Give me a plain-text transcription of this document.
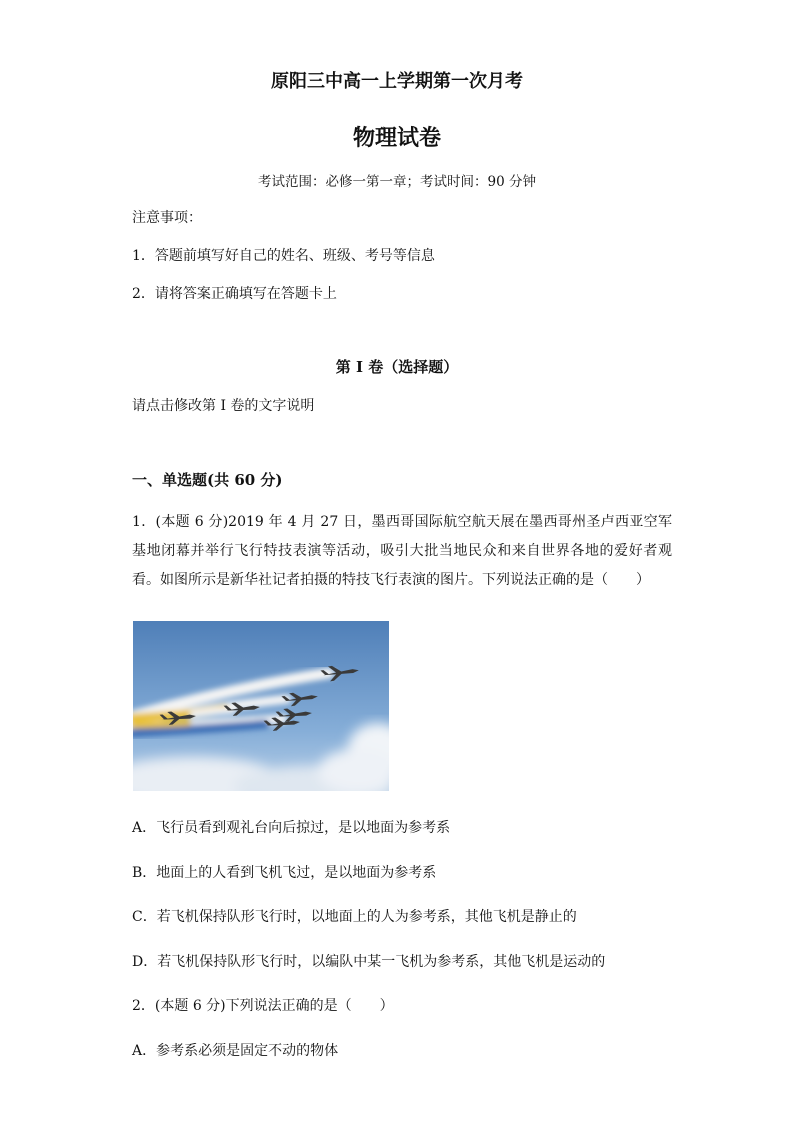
原阳三中高一上学期第一次月考
物理试卷
考试范围：必修一第一章；考试时间：90 分钟
注意事项：
1．答题前填写好自己的姓名、班级、考号等信息
2．请将答案正确填写在答题卡上
第 I 卷（选择题）
请点击修改第 I 卷的文字说明
一、单选题(共 60 分)
1．(本题 6 分)2019 年 4 月 27 日，墨西哥国际航空航天展在墨西哥州圣卢西亚空军基地闭幕并举行飞行特技表演等活动，吸引大批当地民众和来自世界各地的爱好者观看。如图所示是新华社记者拍摄的特技飞行表演的图片。下列说法正确的是（　　）
A．飞行员看到观礼台向后掠过，是以地面为参考系
B．地面上的人看到飞机飞过，是以地面为参考系
C．若飞机保持队形飞行时，以地面上的人为参考系，其他飞机是静止的
D．若飞机保持队形飞行时，以编队中某一飞机为参考系，其他飞机是运动的
2．(本题 6 分)下列说法正确的是（　　）
A．参考系必须是固定不动的物体
